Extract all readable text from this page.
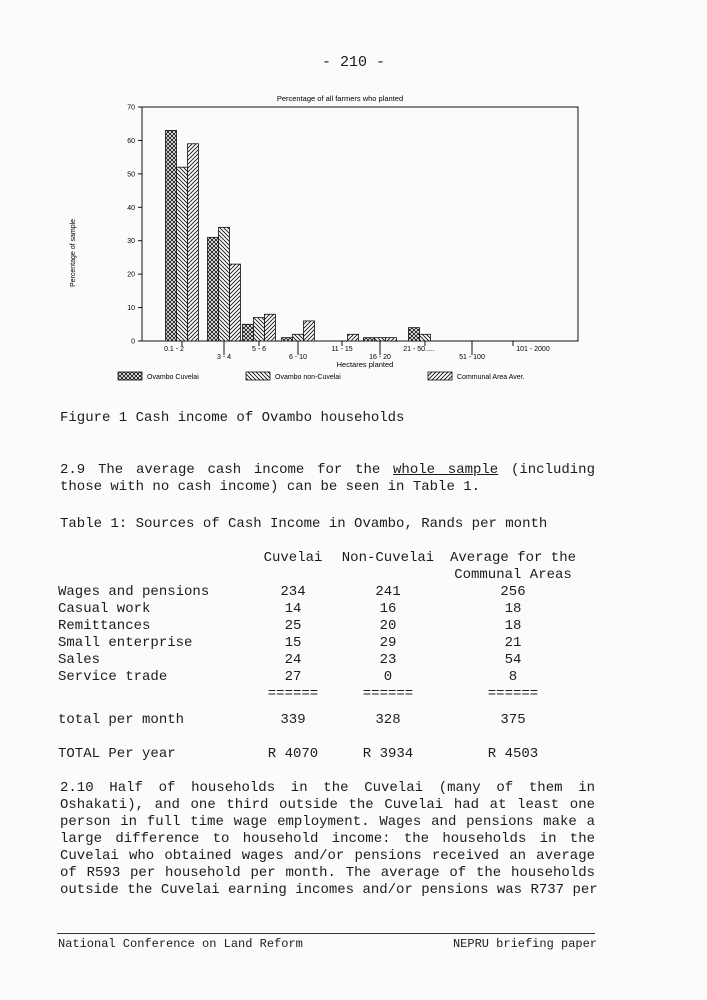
- 210 -
Percentage of all farmers who planted
Percentage of sample
Hectares planted
0
10
20
30
40
50
60
70
0.1 - 2
3 - 4
5 - 6
6 - 10
11 - 15
16 - 20
21 - 50.....
51 - 100
101 - 2000
Ovambo Cuvelai	Ovambo non-Cuvelai	Communal Area Aver.
Figure 1 Cash income of Ovambo households
2.9 The average cash income for the whole sample (including
those with no cash income) can be seen in Table 1.
Table 1: Sources of Cash Income in Ovambo, Rands per month
	Cuvelai	Non-Cuvelai	Average for the
Communal Areas
Wages and pensions	234	241	256
Casual work	14	16	18
Remittances	25	20	18
Small enterprise	15	29	21
Sales	24	23	54
Service trade	27	0	8
	======	======	======
total per month	339	328	375
TOTAL Per year	R 4070	R 3934	R 4503
2.10 Half of households in the Cuvelai (many of them in
Oshakati), and one third outside the Cuvelai had at least one
person in full time wage employment. Wages and pensions make a
large difference to household income: the households in the
Cuvelai who obtained wages and/or pensions received an average
of R593 per household per month. The average of the households
outside the Cuvelai earning incomes and/or pensions was R737 per
National Conference on Land Reform	NEPRU briefing paper
